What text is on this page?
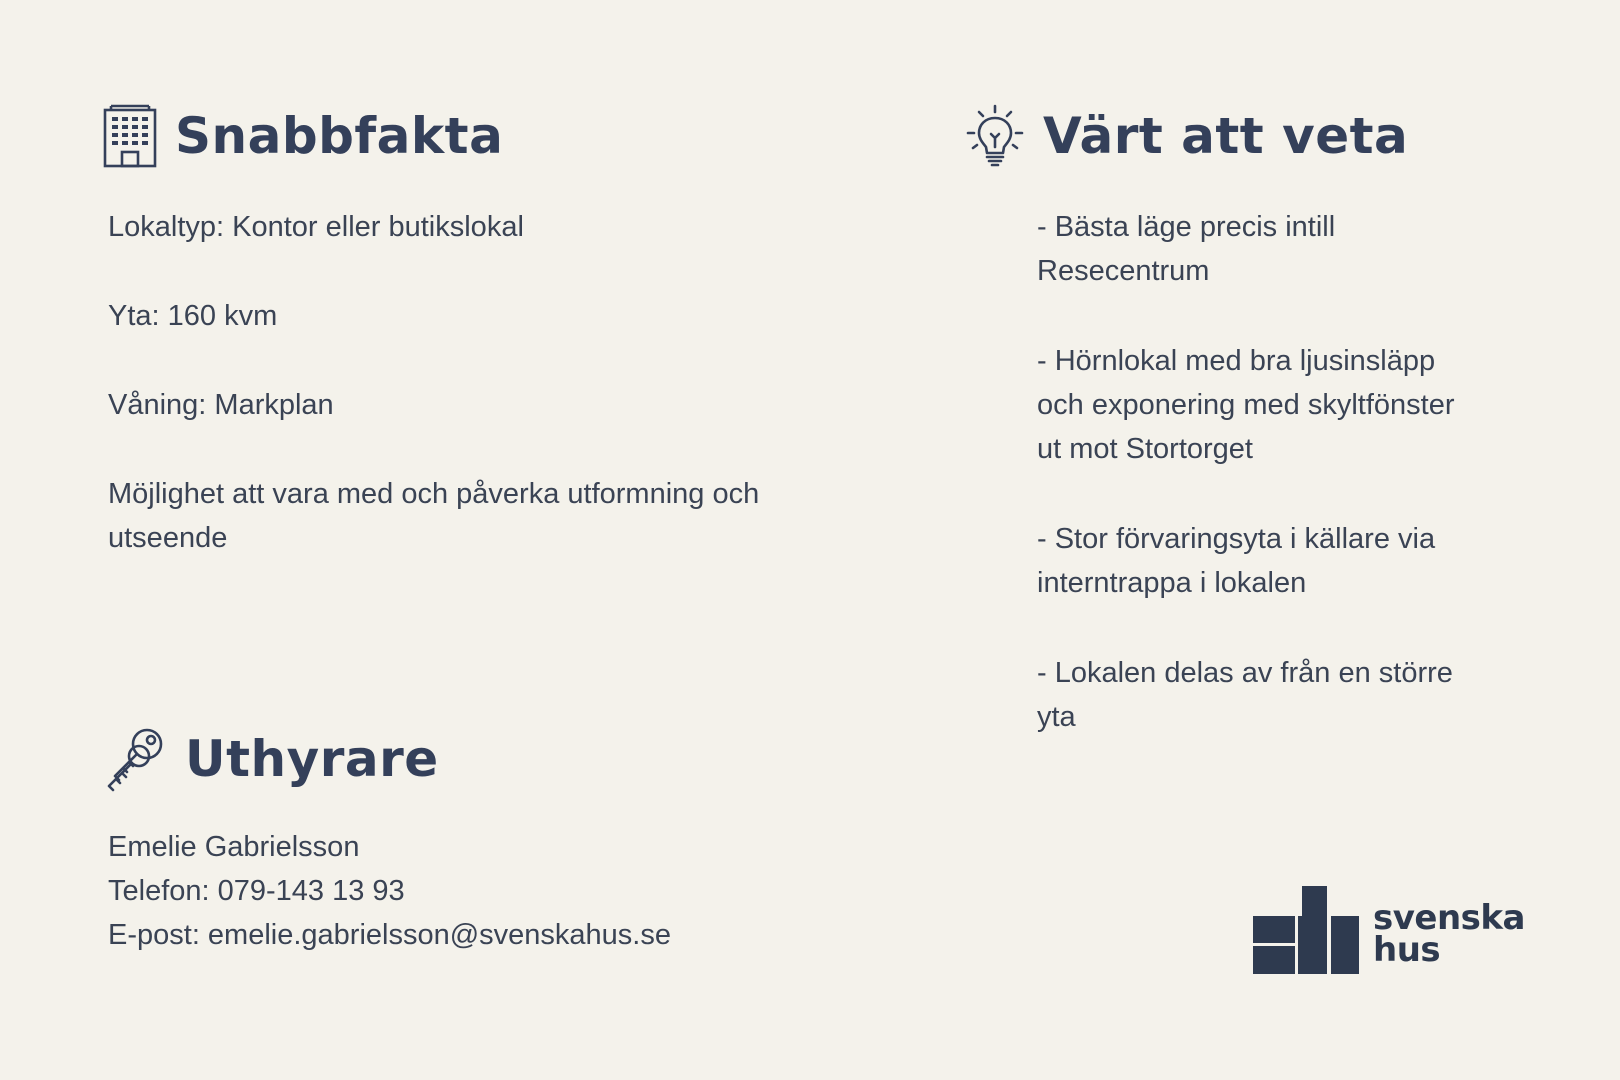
Snabbfakta

Lokaltyp: Kontor eller butikslokal

Yta: 160 kvm

Våning: Markplan

Möjlighet att vara med och påverka utformning och

utseende

Uthyrare

Emelie Gabrielsson

Telefon: 079-143 13 93

E-post: emelie.gabrielsson@svenskahus.se

Värt att veta

- Bästa läge precis intill

Resecentrum

- Hörnlokal med bra ljusinsläpp

och exponering med skyltfönster

ut mot Stortorget

- Stor förvaringsyta i källare via

interntrappa i lokalen

- Lokalen delas av från en större

yta

svenska
hus
